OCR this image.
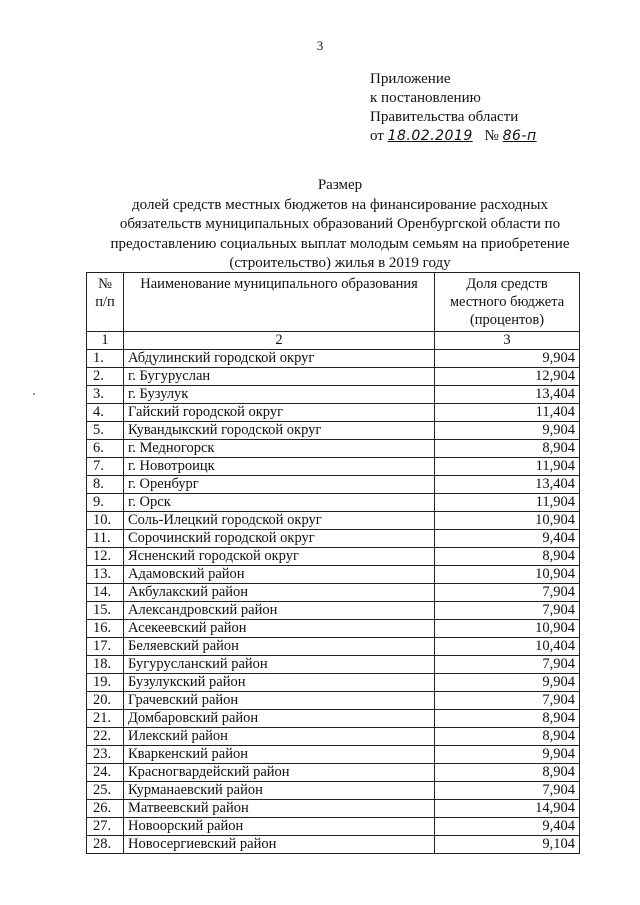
3
Приложение
к постановлению
Правительства области
от 18.02.2019 № 86-п
Размер
долей средств местных бюджетов на финансирование расходных
обязательств муниципальных образований Оренбургской области по
предоставлению социальных выплат молодым семьям на приобретение
(строительство) жилья в 2019 году
№
п/п	Наименование муниципального образования	Доля средств
местного бюджета
(процентов)
1	2	3
1.	Абдулинский городской округ	9,904
2.	г. Бугуруслан	12,904
3.	г. Бузулук	13,404
4.	Гайский городской округ	11,404
5.	Кувандыкский городской округ	9,904
6.	г. Медногорск	8,904
7.	г. Новотроицк	11,904
8.	г. Оренбург	13,404
9.	г. Орск	11,904
10.	Соль-Илецкий городской округ	10,904
11.	Сорочинский городской округ	9,404
12.	Ясненский городской округ	8,904
13.	Адамовский район	10,904
14.	Акбулакский район	7,904
15.	Александровский район	7,904
16.	Асекеевский район	10,904
17.	Беляевский район	10,404
18.	Бугурусланский район	7,904
19.	Бузулукский район	9,904
20.	Грачевский район	7,904
21.	Домбаровский район	8,904
22.	Илекский район	8,904
23.	Кваркенский район	9,904
24.	Красногвардейский район	8,904
25.	Курманаевский район	7,904
26.	Матвеевский район	14,904
27.	Новоорский район	9,404
28.	Новосергиевский район	9,104
